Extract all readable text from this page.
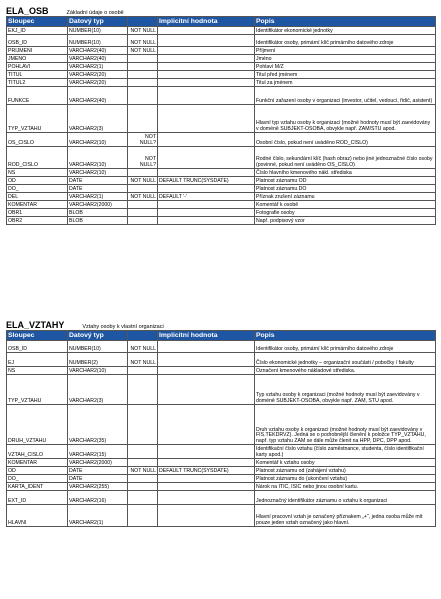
ELA_OSB	Základní údaje o osobě
Sloupec	Datový typ		Implicitní hodnota	Popis
EKJ_ID	NUMBER(10)	NOT NULL		Identifikátor ekonomické jednotky
OSB_ID	NUMBER(10)	NOT NULL		Identifikátor osoby, primární klíč primárního datového zdroje
PRIJMENI	VARCHAR2(40)	NOT NULL		Příjmení
JMENO	VARCHAR2(40)			Jméno
POHLAVI	VARCHAR2(1)			Pohlaví M/Z
TITUL	VARCHAR2(20)			Titul před jménem
TITUL2	VARCHAR2(20)			Titul za jménem
FUNKCE	VARCHAR2(40)			Funkční zařazení osoby v organizaci (investor, učitel, vedoucí, řidič, asistent)
TYP_VZTAHU	VARCHAR2(3)			Hlavní typ vztahu osoby k organizaci (možné hodnoty musí být zaevidovány v doméně SUBJEKT-OSOBA, obvykle např. ZAM/STU apod.
OS_CISLO	VARCHAR2(10)	NOT NULL?		Osobní číslo, pokud není uváděno ROD_CISLO)
ROD_CISLO	VARCHAR2(10)	NOT NULL?		Rodné číslo, sekundární klíč (hash obraz) nebo jiné jednoznačné číslo osoby (povinné, pokud není uváděno OS_CISLO)
NS	VARCHAR2(10)			Číslo hlavního kmenového nákl. střediska
OD	DATE	NOT NULL	DEFAULT TRUNC(SYSDATE)	Platnost záznamu OD
DO_	DATE			Platnost záznamu DO
DEL	VARCHAR2(1)	NOT NULL	DEFAULT '-'	Příznak zrušení záznamu
KOMENTAR	VARCHAR2(2000)			Komentář k osobě
OBR1	BLOB			Fotografie osoby
OBR2	BLOB			Např. podpisový vzor
ELA_VZTAHY	Vztahy osoby k vlastní organizaci
Sloupec	Datový typ		Implicitní hodnota	Popis
OSB_ID	NUMBER(10)	NOT NULL		Identifikátor osoby, primární klíč primárního datového zdroje
EJ	NUMBER(2)	NOT NULL		Číslo ekonomické jednotky – organizační součásti / pobočky / fakulty
NS	VARCHAR2(10)			Označení kmenového nákladové střediska.
TYP_VZTAHU	VARCHAR2(3)			Typ vztahu osoby k organizaci (možné hodnoty musí být zaevidovány v doméně SUBJEKT-OSOBA, obvykle např. ZAM, STU apod.
DRUH_VZTAHU	VARCHAR2(35)			Druh vztahu osoby k organizaci (možné hodnoty musí být zaevidovány v FIS.TEKDRVZ). Jedná se o podrobnější členění k položce TYP_VZTAHU, např. typ vztahu ZAM se dále může členit na HPP, DPC, DPP apod.
VZTAH_CISLO	VARCHAR2(15)			Identifikační číslo vztahu (číslo zaměstnance, studenta, číslo identifikační karty apod.)
KOMENTAR	VARCHAR2(2000)			Komentář k vztahu osoby
OD	DATE	NOT NULL	DEFAULT TRUNC(SYSDATE)	Platnost záznamu od (zahájení vztahu)
DO_	DATE			Platnost záznamu do (ukončení vztahu)
KARTA_IDENT	VARCHAR2(255)			Nárok na ITIC, ISIC nebo jinou osobní kartu.
EXT_ID	VARCHAR2(16)			Jednoznačný identifikátor záznamu o vztahu k organizaci
HLAVNI	VARCHAR2(1)			Hlavní pracovní vztah je označený příznakem „+", jedna osoba může mít pouze jeden vztah označený jako hlavní.
